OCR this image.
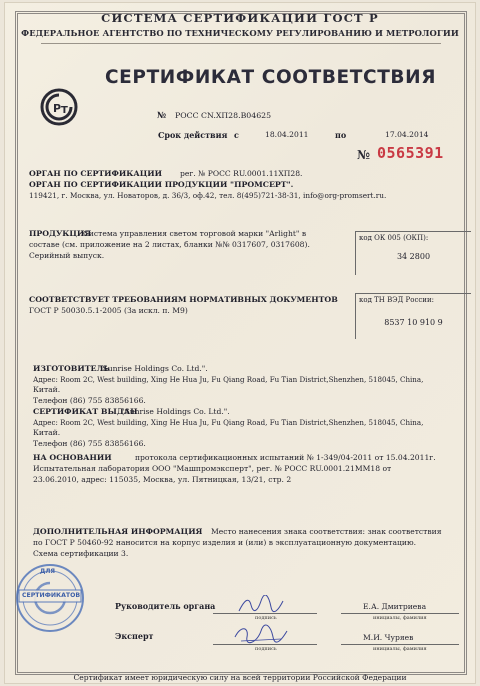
СИСТЕМА СЕРТИФИКАЦИИ ГОСТ Р
ФЕДЕРАЛЬНОЕ АГЕНТСТВО ПО ТЕХНИЧЕСКОМУ РЕГУЛИРОВАНИЮ И МЕТРОЛОГИИ
Р Т
СЕРТИФИКАТ СООТВЕТСТВИЯ
№ РОСС CN.ХП28.В04625
Срок действия с	18.04.2011	по	17.04.2014
№ 0565391
ОРГАН ПО СЕРТИФИКАЦИИ рег. № РОСС RU.0001.11ХП28.
ОРГАН ПО СЕРТИФИКАЦИИ ПРОДУКЦИИ "ПРОМСЕРТ".
119421, г. Москва, ул. Новаторов, д. 36/3, оф.42, тел. 8(495)721-38-31, info@org-promsert.ru.
ПРОДУКЦИЯ
Система управления светом торговой марки "Arlight" в
составе (см. приложение на 2 листах, бланки №№ 0317607, 0317608).
Серийный выпуск.
код ОК 005 (ОКП):
34 2800
СООТВЕТСТВУЕТ ТРЕБОВАНИЯМ НОРМАТИВНЫХ ДОКУМЕНТОВ
ГОСТ Р 50030.5.1-2005 (За искл. п. М9)
код ТН ВЭД России:
8537 10 910 9
ИЗГОТОВИТЕЛЬ
"Sunrise Holdings Co. Ltd.".
Адрес: Room 2C, West building, Xing He Hua Ju, Fu Qiang Road, Fu Tian District,Shenzhen, 518045, China,
Китай.
Телефон (86) 755 83856166.
СЕРТИФИКАТ ВЫДАН
"Sunrise Holdings Co. Ltd.".
Адрес: Room 2C, West building, Xing He Hua Ju, Fu Qiang Road, Fu Tian District,Shenzhen, 518045, China,
Китай.
Телефон (86) 755 83856166.
НА ОСНОВАНИИ	протокола сертификационных испытаний № 1-349/04-2011 от 15.04.2011г.
Испытательная лаборатория ООО "Машпромэксперт", рег. № РОСС RU.0001.21ММ18 от
23.06.2010, адрес: 115035, Москва, ул. Пятницкая, 13/21, стр. 2
ДОПОЛНИТЕЛЬНАЯ ИНФОРМАЦИЯ Место нанесения знака соответствия: знак соответствия
по ГОСТ Р 50460-92 наносится на корпус изделия и (или) в эксплуатационную документацию.
Схема сертификации 3.
ДЛЯ
СЕРТИФИКАТОВ
Руководитель органа
подпись
Е.А. Дмитриева
инициалы, фамилия
Эксперт
подпись
М.И. Чуряев
инициалы, фамилия
Сертификат имеет юридическую силу на всей территории Российской Федерации
